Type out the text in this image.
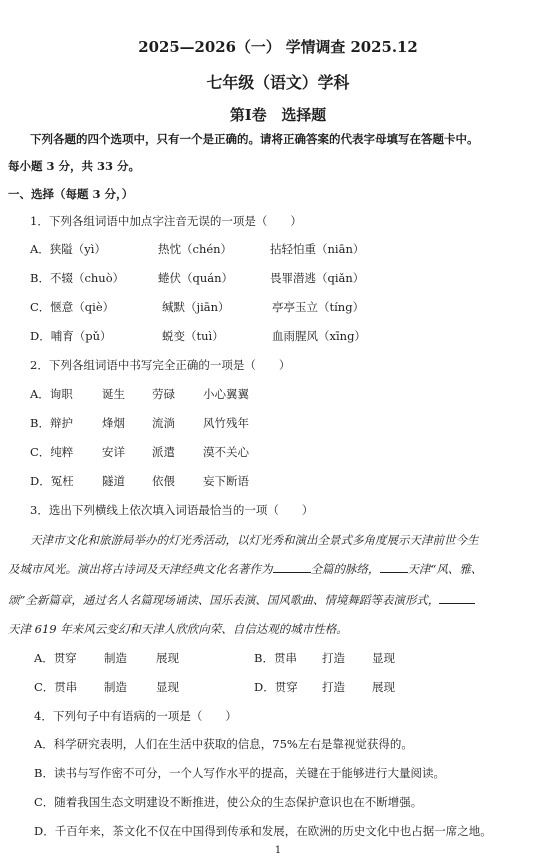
2025—2026（一） 学情调查 2025.12
七年级（语文）学科
第Ⅰ卷　选择题
下列各题的四个选项中，只有一个是正确的。请将正确答案的代表字母填写在答题卡中。
每小题 3 分，共 33 分。
一、选择（每题 3 分，）
1．下列各组词语中加点字注音无误的一项是（　　）
A．狭隘（yì）	热忱（chén）	拈轻怕重（niān）
B．不辍（chuò）	蜷伏（quán）	畏罪潜逃（qiǎn）
C．惬意（qiè）	缄默（jiān）	亭亭玉立（tíng）
D．哺育（pǔ）	蜕变（tuì）	血雨腥风（xīng）
2．下列各组词语中书写完全正确的一项是（　　）
A．询职	诞生 劳碌 小心翼翼
B．辩护	烽烟 流淌 风竹残年
C．纯粹 安详 派遣 漠不关心
D．冤枉 隧道 依偎 妄下断语
3．选出下列横线上依次填入词语最恰当的一项（　　）
天津市文化和旅游局举办的灯光秀活动，以灯光秀和演出全景式多角度展示天津前世今生
及城市风光。演出将古诗词及天津经典文化名著作为	全篇的脉络， 天津“风、雅、
颂”全新篇章，通过名人名篇现场诵读、国乐表演、国风歌曲、情境舞蹈等表演形式，
天津 619 年来风云变幻和天津人欣欣向荣、自信达观的城市性格。
A．贯穿 制造	展现	B．贯串 打造 显现
C．贯串 制造	显现	D．贯穿 打造 展现
4．下列句子中有语病的一项是（　　）
A．科学研究表明，人们在生活中获取的信息，75%左右是靠视觉获得的。
B．读书与写作密不可分，一个人写作水平的提高，关键在于能够进行大量阅读。
C．随着我国生态文明建设不断推进，使公众的生态保护意识也在不断增强。
D．千百年来，茶文化不仅在中国得到传承和发展，在欧洲的历史文化中也占据一席之地。
1
